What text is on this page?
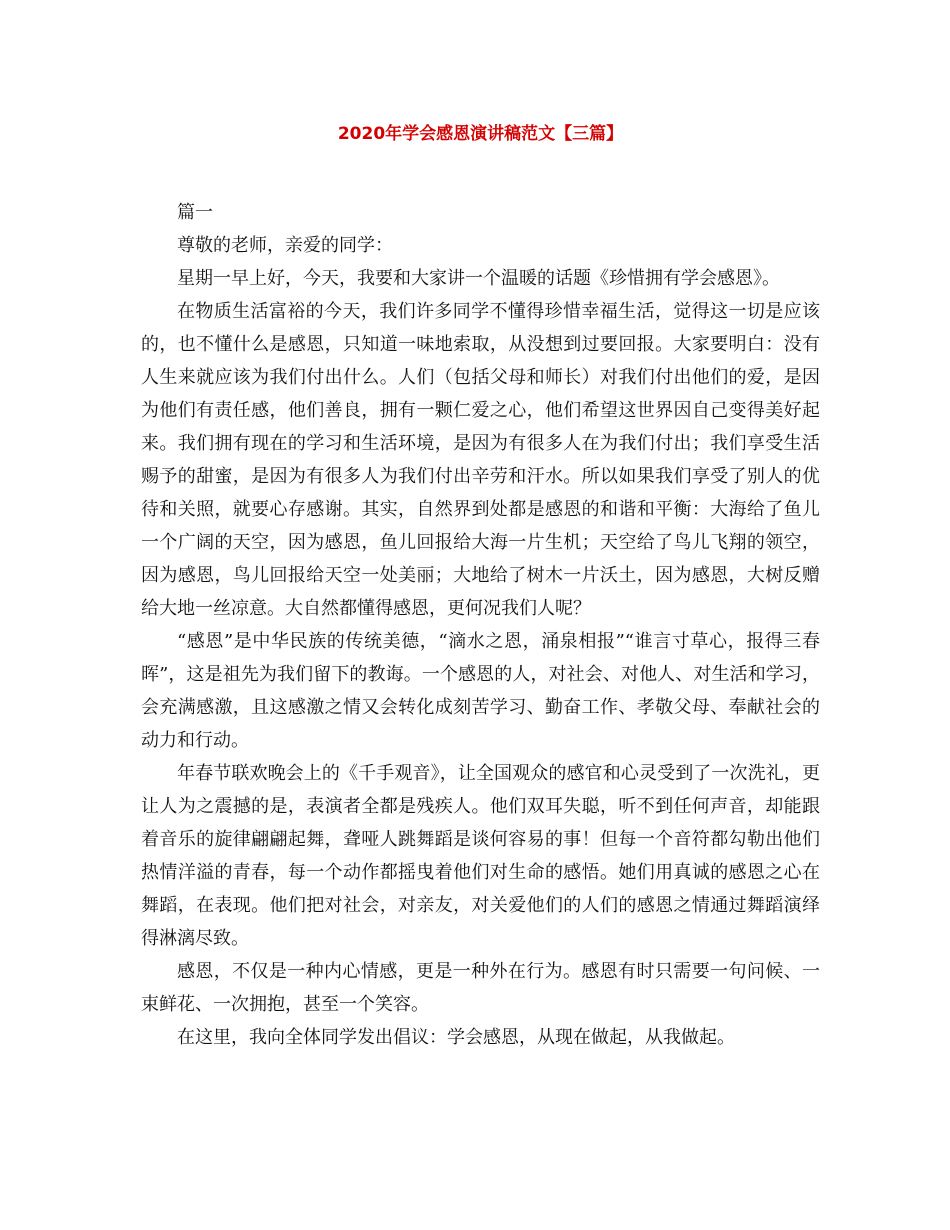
2020年学会感恩演讲稿范文【三篇】

篇一

尊敬的老师，亲爱的同学：

星期一早上好，今天，我要和大家讲一个温暖的话题《珍惜拥有学会感恩》。

在物质生活富裕的今天，我们许多同学不懂得珍惜幸福生活，觉得这一切是应该的，也不懂什么是感恩，只知道一味地索取，从没想到过要回报。大家要明白：没有人生来就应该为我们付出什么。人们（包括父母和师长）对我们付出他们的爱，是因为他们有责任感，他们善良，拥有一颗仁爱之心，他们希望这世界因自己变得美好起来。我们拥有现在的学习和生活环境，是因为有很多人在为我们付出；我们享受生活赐予的甜蜜，是因为有很多人为我们付出辛劳和汗水。所以如果我们享受了别人的优待和关照，就要心存感谢。其实，自然界到处都是感恩的和谐和平衡：大海给了鱼儿一个广阔的天空，因为感恩，鱼儿回报给大海一片生机；天空给了鸟儿飞翔的领空，因为感恩，鸟儿回报给天空一处美丽；大地给了树木一片沃土，因为感恩，大树反赠给大地一丝凉意。大自然都懂得感恩，更何况我们人呢？

“感恩”是中华民族的传统美德，“滴水之恩，涌泉相报”“谁言寸草心，报得三春晖”，这是祖先为我们留下的教诲。一个感恩的人，对社会、对他人、对生活和学习，会充满感激，且这感激之情又会转化成刻苦学习、勤奋工作、孝敬父母、奉献社会的动力和行动。

年春节联欢晚会上的《千手观音》，让全国观众的感官和心灵受到了一次洗礼，更让人为之震撼的是，表演者全都是残疾人。他们双耳失聪，听不到任何声音，却能跟着音乐的旋律翩翩起舞，聋哑人跳舞蹈是谈何容易的事！但每一个音符都勾勒出他们热情洋溢的青春，每一个动作都摇曳着他们对生命的感悟。她们用真诚的感恩之心在舞蹈，在表现。他们把对社会，对亲友，对关爱他们的人们的感恩之情通过舞蹈演绎得淋漓尽致。

感恩，不仅是一种内心情感，更是一种外在行为。感恩有时只需要一句问候、一束鲜花、一次拥抱，甚至一个笑容。

在这里，我向全体同学发出倡议：学会感恩，从现在做起，从我做起。
